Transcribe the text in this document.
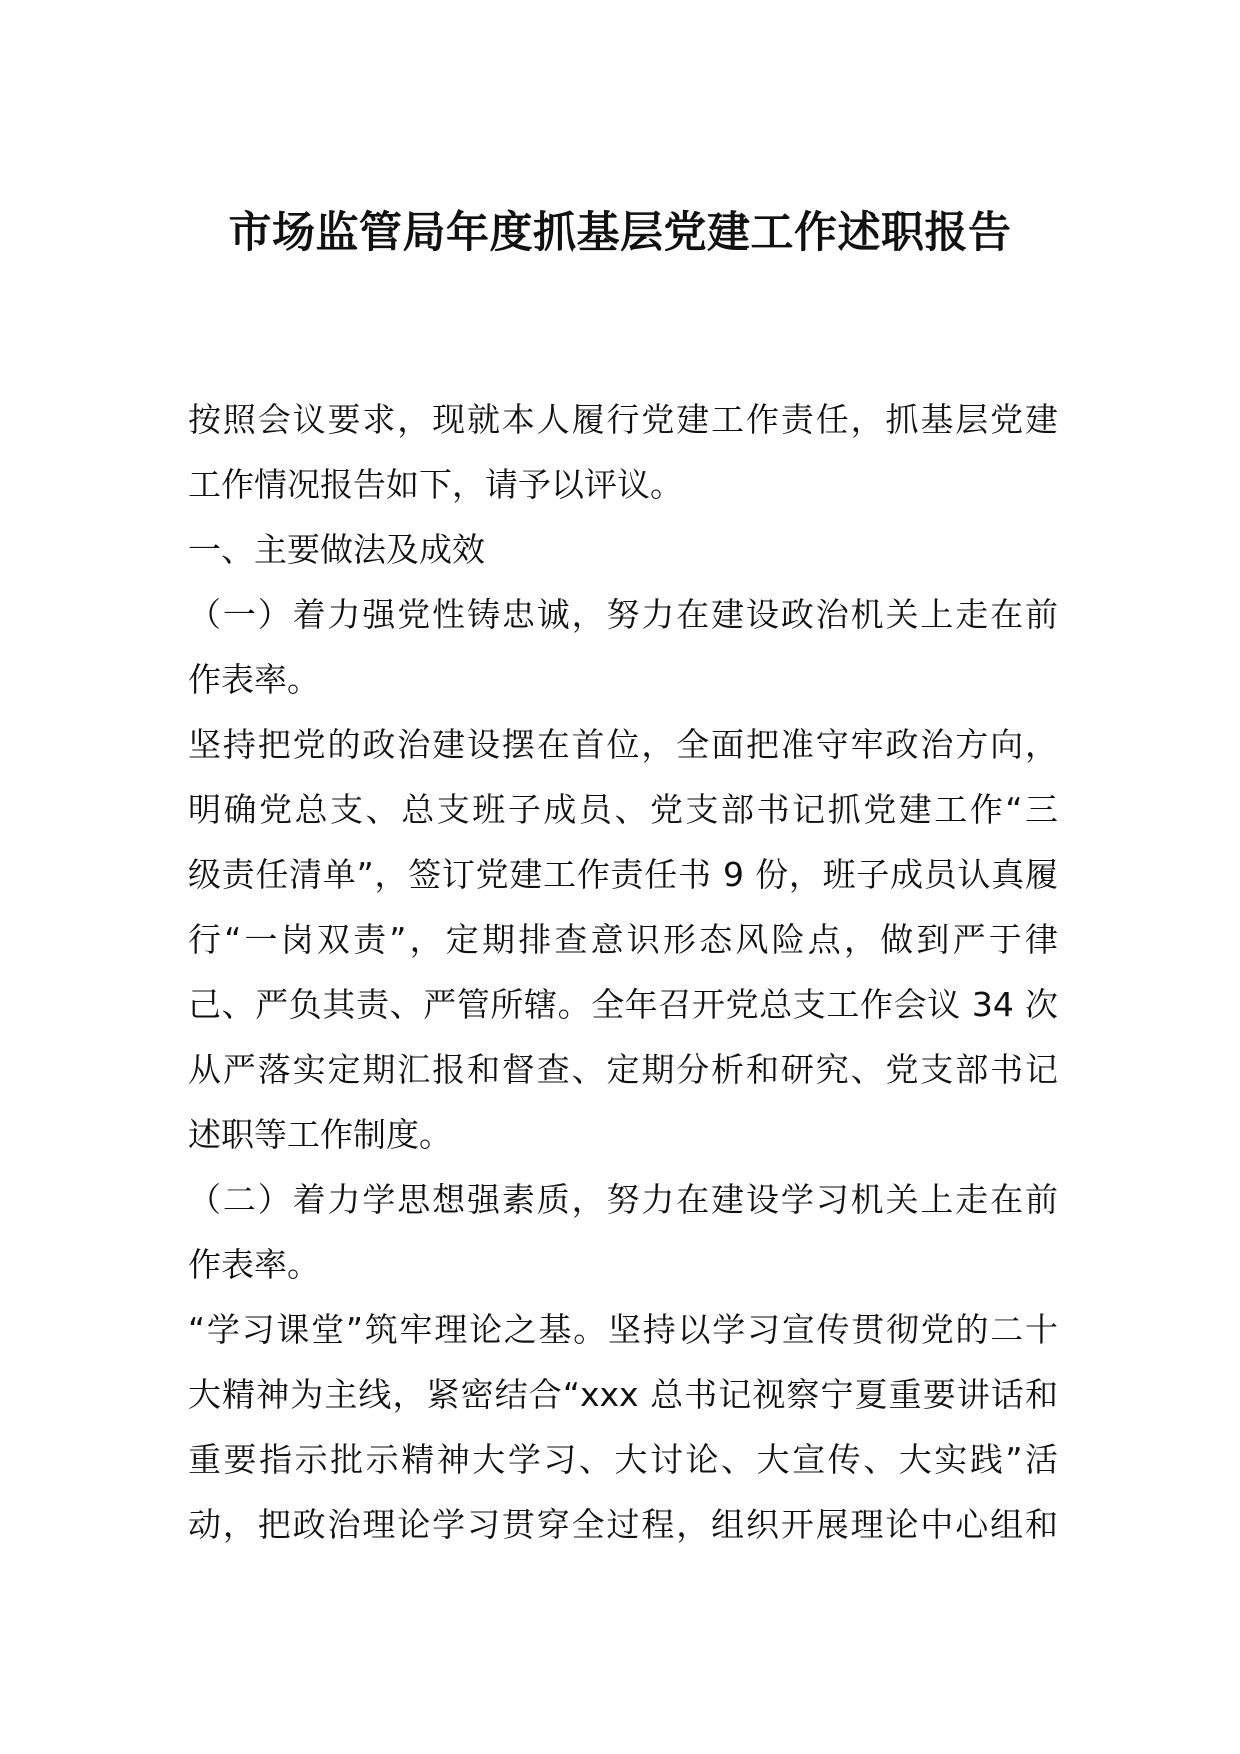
市场监管局年度抓基层党建工作述职报告
按照会议要求，现就本人履行党建工作责任，抓基层党建
工作情况报告如下，请予以评议。
一、主要做法及成效
（一）着力强党性铸忠诚，努力在建设政治机关上走在前
作表率。
坚持把党的政治建设摆在首位，全面把准守牢政治方向，
明确党总支、总支班子成员、党支部书记抓党建工作“三
级责任清单”，签订党建工作责任书 9 份，班子成员认真履
行“一岗双责”，定期排查意识形态风险点，做到严于律
己、严负其责、严管所辖。全年召开党总支工作会议 34 次
从严落实定期汇报和督查、定期分析和研究、党支部书记
述职等工作制度。
（二）着力学思想强素质，努力在建设学习机关上走在前
作表率。
“学习课堂”筑牢理论之基。坚持以学习宣传贯彻党的二十
大精神为主线，紧密结合“xxx 总书记视察宁夏重要讲话和
重要指示批示精神大学习、大讨论、大宣传、大实践”活
动，把政治理论学习贯穿全过程，组织开展理论中心组和
